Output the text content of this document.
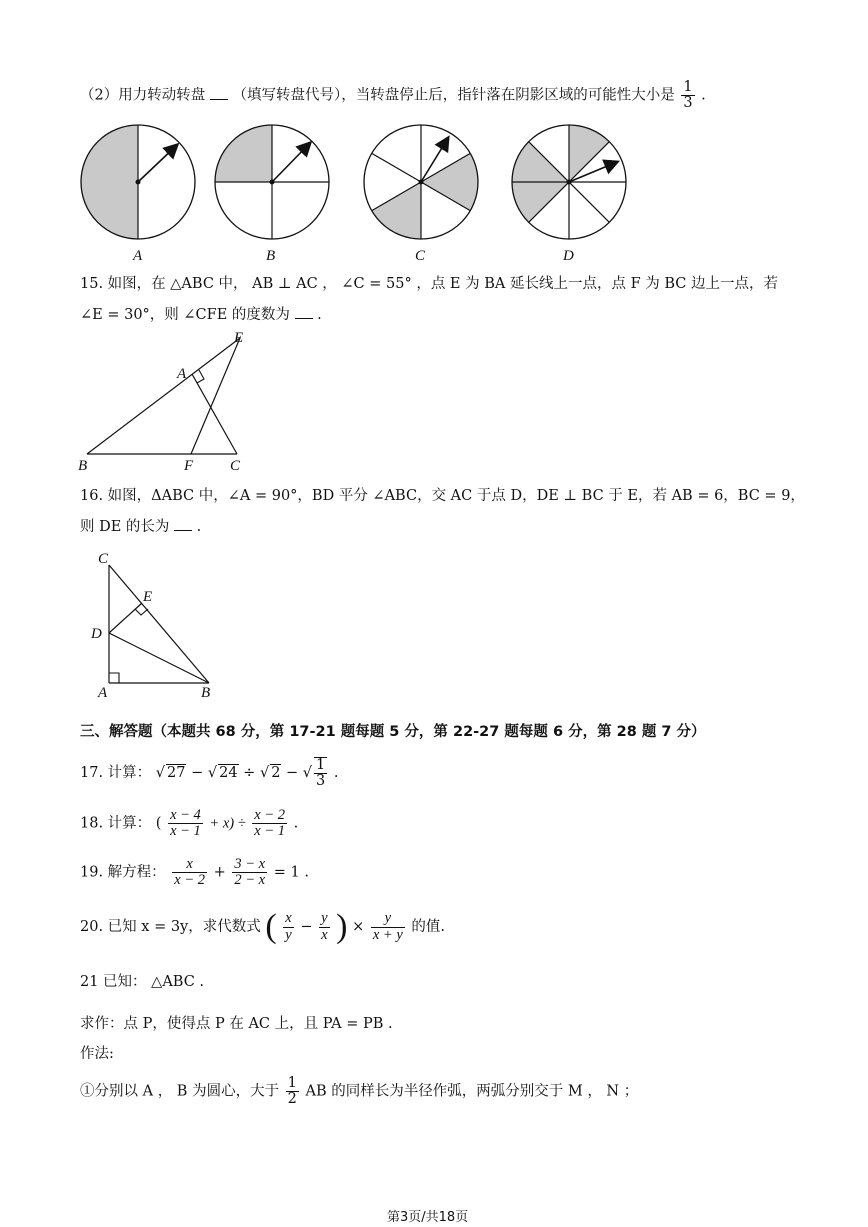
（2）用力转动转盘 （填写转盘代号），当转盘停止后，指针落在阴影区域的可能性大小是 $\frac{1}{3}$ .
A	B	C	D
15. 如图，在 △ABC 中， AB ⊥ AC ， ∠C = 55° ，点 E 为 BA 延长线上一点，点 F 为 BC 边上一点，若
∠E = 30°，则 ∠CFE 的度数为 .
B	F C
A
E
16. 如图，ΔABC 中，∠A = 90°，BD 平分 ∠ABC，交 AC 于点 D，DE ⊥ BC 于 E，若 AB = 6，BC = 9，
则 DE 的长为 .
C
E
D
A	B
三、解答题（本题共 68 分，第 17-21 题每题 5 分，第 22-27 题每题 6 分，第 28 题 7 分）
17. 计算： √ 27 − √ 24 ÷ √ 2 − √ $\frac{1}{3}$ .
18. 计算： ( $\frac{x - 4}{x - 1} + x) \div \frac{x - 2}{x - 1}$ .
19. 解方程： $\frac{x}{x - 2} + \frac{3 - x}{2 - x} = 1$ .
20. 已知 x = 3y，求代数式 ( $\frac{x}{y} - \frac{y}{x}$ ) × $\frac{y}{x + y}$ 的值.
21 已知： △ABC .
求作：点 P，使得点 P 在 AC 上，且 PA = PB .
作法:
①分别以 A ， B 为圆心，大于 $\frac{1}{2}$ AB 的同样长为半径作弧，两弧分别交于 M ， N ；
第3页/共18页
